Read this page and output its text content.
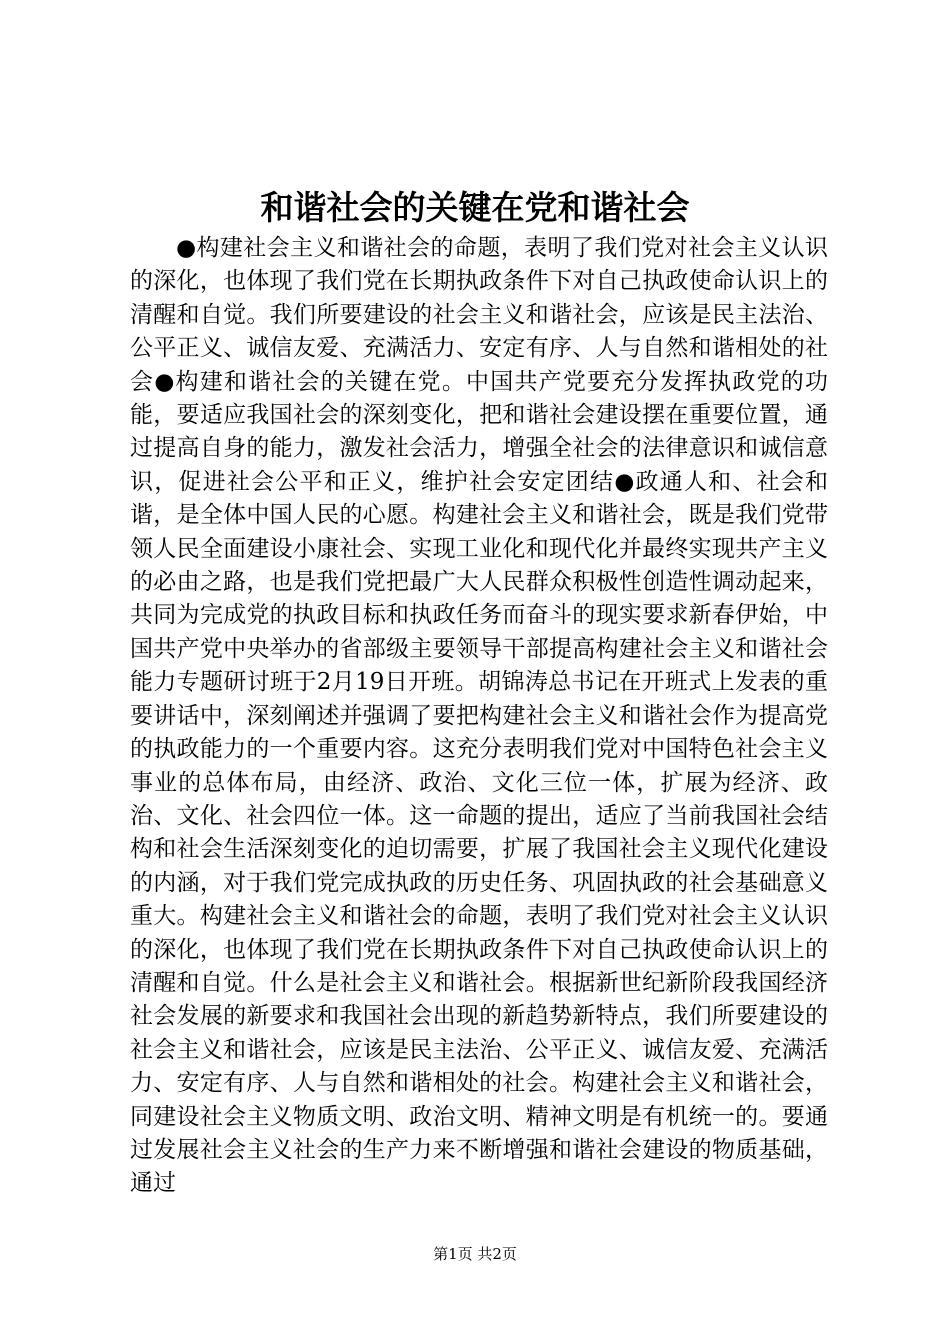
和谐社会的关键在党和谐社会

●构建社会主义和谐社会的命题，表明了我们党对社会主义认识的深化，也体现了我们党在长期执政条件下对自己执政使命认识上的清醒和自觉。我们所要建设的社会主义和谐社会，应该是民主法治、公平正义、诚信友爱、充满活力、安定有序、人与自然和谐相处的社会●构建和谐社会的关键在党。中国共产党要充分发挥执政党的功能，要适应我国社会的深刻变化，把和谐社会建设摆在重要位置，通过提高自身的能力，激发社会活力，增强全社会的法律意识和诚信意识，促进社会公平和正义，维护社会安定团结●政通人和、社会和谐，是全体中国人民的心愿。构建社会主义和谐社会，既是我们党带领人民全面建设小康社会、实现工业化和现代化并最终实现共产主义的必由之路，也是我们党把最广大人民群众积极性创造性调动起来，共同为完成党的执政目标和执政任务而奋斗的现实要求新春伊始，中国共产党中央举办的省部级主要领导干部提高构建社会主义和谐社会能力专题研讨班于2月19日开班。胡锦涛总书记在开班式上发表的重要讲话中，深刻阐述并强调了要把构建社会主义和谐社会作为提高党的执政能力的一个重要内容。这充分表明我们党对中国特色社会主义事业的总体布局，由经济、政治、文化三位一体，扩展为经济、政治、文化、社会四位一体。这一命题的提出，适应了当前我国社会结构和社会生活深刻变化的迫切需要，扩展了我国社会主义现代化建设的内涵，对于我们党完成执政的历史任务、巩固执政的社会基础意义重大。构建社会主义和谐社会的命题，表明了我们党对社会主义认识的深化，也体现了我们党在长期执政条件下对自己执政使命认识上的清醒和自觉。什么是社会主义和谐社会。根据新世纪新阶段我国经济社会发展的新要求和我国社会出现的新趋势新特点，我们所要建设的社会主义和谐社会，应该是民主法治、公平正义、诚信友爱、充满活力、安定有序、人与自然和谐相处的社会。构建社会主义和谐社会，同建设社会主义物质文明、政治文明、精神文明是有机统一的。要通过发展社会主义社会的生产力来不断增强和谐社会建设的物质基础，通过

第1页 共2页
